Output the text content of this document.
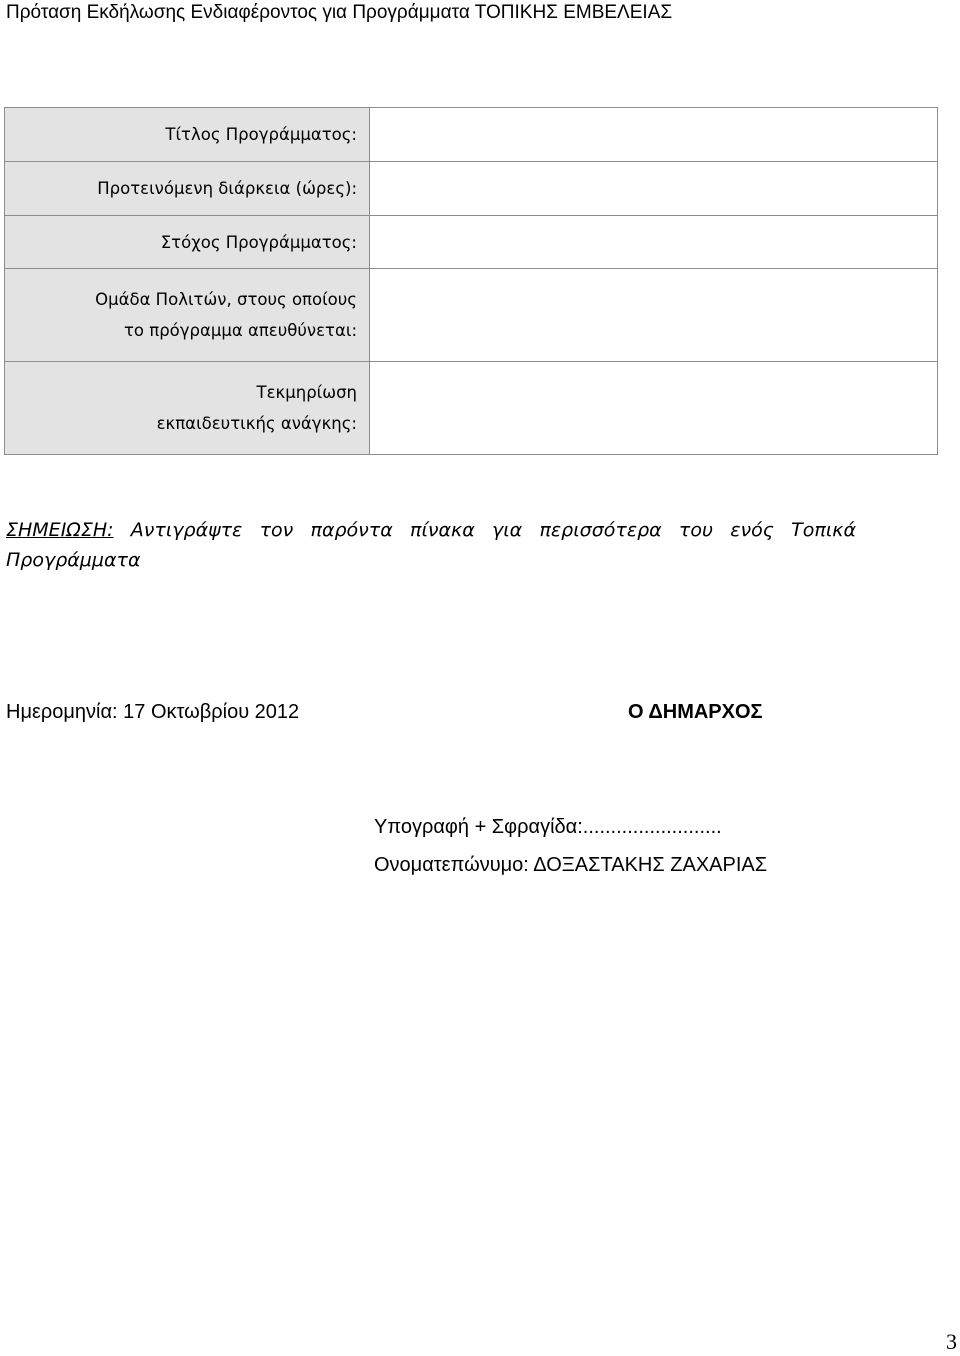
Πρόταση Εκδήλωσης Ενδιαφέροντος για Προγράμματα ΤΟΠΙΚΗΣ ΕΜΒΕΛΕΙΑΣ
Τίτλος Προγράμματος:	
Προτεινόμενη διάρκεια (ώρες):	
Στόχος Προγράμματος:	
Ομάδα Πολιτών, στους οποίους
το πρόγραμμα απευθύνεται:	
Τεκμηρίωση
εκπαιδευτικής ανάγκης:	
ΣΗΜΕΙΩΣΗ: Αντιγράψτε τον παρόντα πίνακα για περισσότερα του ενός Τοπικά
Προγράμματα
Ημερομηνία: 17 Οκτωβρίου 2012	Ο ΔΗΜΑΡΧΟΣ
Υπογραφή + Σφραγίδα:.........................
Ονοματεπώνυμο: ΔΟΞΑΣΤΑΚΗΣ ΖΑΧΑΡΙΑΣ
3
